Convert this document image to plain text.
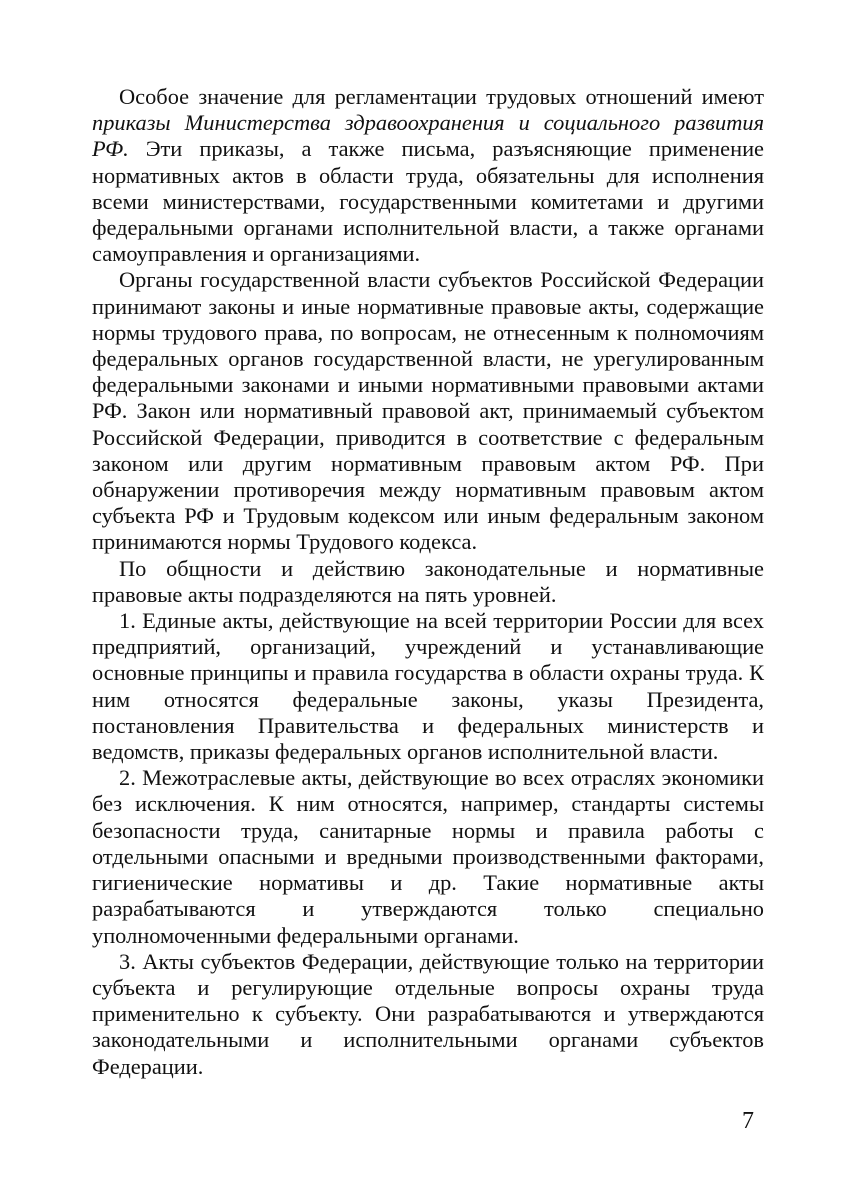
Особое значение для регламентации трудовых отношений имеют приказы Министерства здравоохранения и социального развития РФ. Эти приказы, а также письма, разъясняющие применение нормативных актов в области труда, обязательны для исполнения всеми министерствами, государственными комитетами и другими федеральными органами исполнительной власти, а также органами самоуправления и организациями.

Органы государственной власти субъектов Российской Федерации принимают законы и иные нормативные правовые акты, содержащие нормы трудового права, по вопросам, не отнесенным к полномочиям федеральных органов государственной власти, не урегулированным федеральными законами и иными нормативными правовыми актами РФ. Закон или нормативный правовой акт, принимаемый субъектом Российской Федерации, приводится в соответствие с федеральным законом или другим нормативным правовым актом РФ. При обнаружении противоречия между нормативным правовым актом субъекта РФ и Трудовым кодексом или иным федеральным законом принимаются нормы Трудового кодекса.

По общности и действию законодательные и нормативные правовые акты подразделяются на пять уровней.

1. Единые акты, действующие на всей территории России для всех предприятий, организаций, учреждений и устанавливающие основные принципы и правила государства в области охраны труда. К ним относятся федеральные законы, указы Президента, постановления Правительства и федеральных министерств и ведомств, приказы федеральных органов исполнительной власти.

2. Межотраслевые акты, действующие во всех отраслях экономики без исключения. К ним относятся, например, стандарты системы безопасности труда, санитарные нормы и правила работы с отдельными опасными и вредными производственными факторами, гигиенические нормативы и др. Такие нормативные акты разрабатываются и утверждаются только специально уполномоченными федеральными органами.

3. Акты субъектов Федерации, действующие только на территории субъекта и регулирующие отдельные вопросы охраны труда применительно к субъекту. Они разрабатываются и утверждаются законодательными и исполнительными органами субъектов Федерации.

7
